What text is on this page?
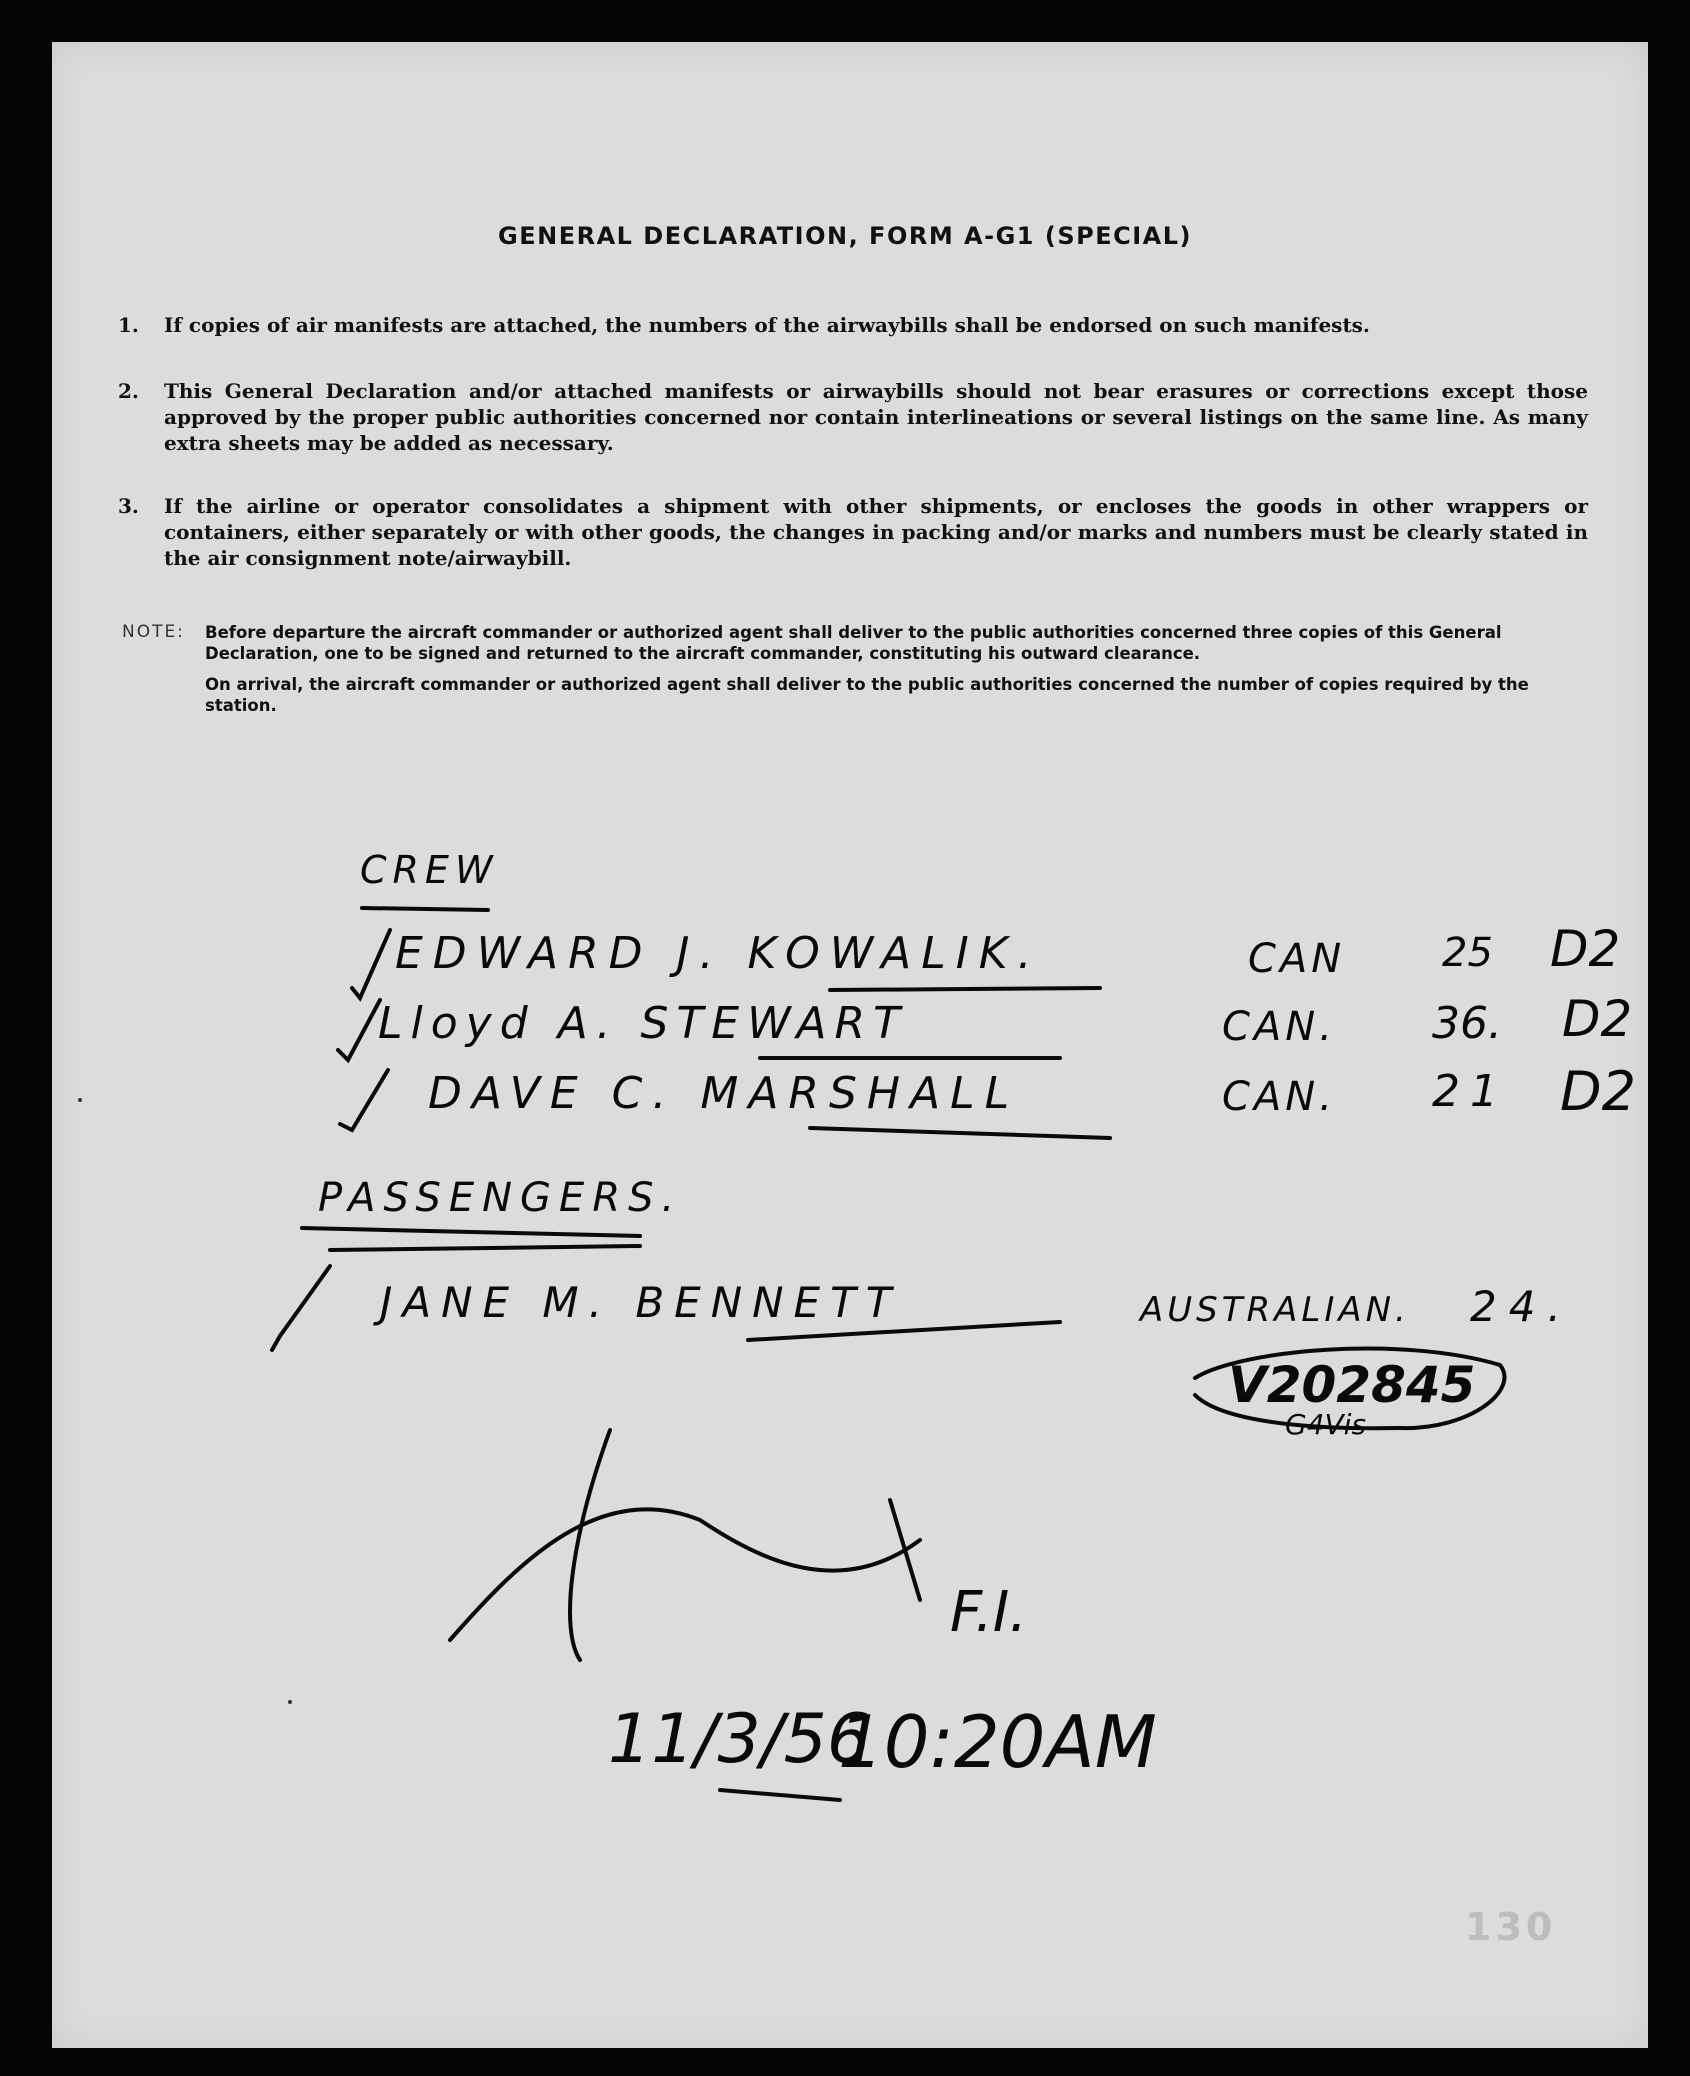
GENERAL DECLARATION, FORM A-G1 (SPECIAL)
1. If copies of air manifests are attached, the numbers of the airwaybills shall be endorsed on such manifests.
2. This General Declaration and/or attached manifests or airwaybills should not bear erasures or corrections except those approved by the proper public authorities concerned nor contain interlineations or several listings on the same line. As many extra sheets may be added as necessary.
3. If the airline or operator consolidates a shipment with other shipments, or encloses the goods in other wrappers or containers, either separately or with other goods, the changes in packing and/or marks and numbers must be clearly stated in the air consignment note/airwaybill.
NOTE: Before departure the aircraft commander or authorized agent shall deliver to the public authorities concerned three copies of this General Declaration, one to be signed and returned to the aircraft commander, constituting his outward clearance.
On arrival, the aircraft commander or authorized agent shall deliver to the public authorities concerned the number of copies required by the station.
CREW
EDWARD J. KOWALIK.	CAN 25 D2
Lloyd A. STEWART	CAN. 36. D2
DAVE C. MARSHALL	CAN. 21 D2
PASSENGERS.
JANE M. BENNETT	AUSTRALIAN. 24.
V202845
G4Vis
F.I.
11/3/56
10:20AM
130
